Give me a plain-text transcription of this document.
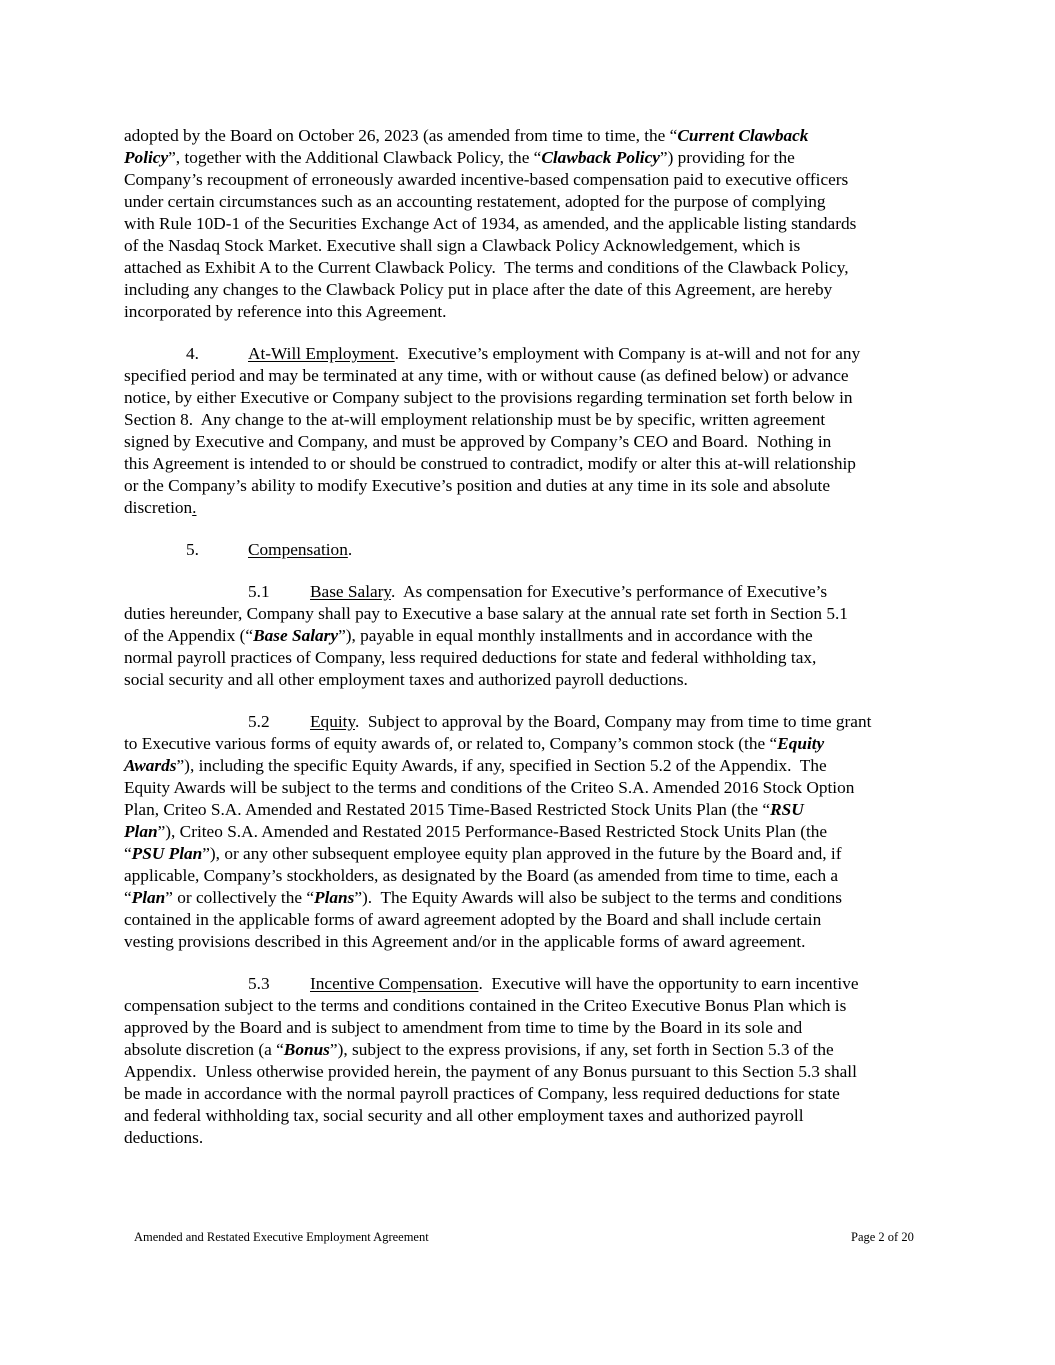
adopted by the Board on October 26, 2023 (as amended from time to time, the “Current Clawback
Policy”, together with the Additional Clawback Policy, the “Clawback Policy”) providing for the
Company’s recoupment of erroneously awarded incentive-based compensation paid to executive officers
under certain circumstances such as an accounting restatement, adopted for the purpose of complying
with Rule 10D-1 of the Securities Exchange Act of 1934, as amended, and the applicable listing standards
of the Nasdaq Stock Market. Executive shall sign a Clawback Policy Acknowledgement, which is
attached as Exhibit A to the Current Clawback Policy.  The terms and conditions of the Clawback Policy,
including any changes to the Clawback Policy put in place after the date of this Agreement, are hereby
incorporated by reference into this Agreement.
4.	At-Will Employment.  Executive’s employment with Company is at-will and not for any
specified period and may be terminated at any time, with or without cause (as defined below) or advance
notice, by either Executive or Company subject to the provisions regarding termination set forth below in
Section 8.  Any change to the at-will employment relationship must be by specific, written agreement
signed by Executive and Company, and must be approved by Company’s CEO and Board.  Nothing in
this Agreement is intended to or should be construed to contradict, modify or alter this at-will relationship
or the Company’s ability to modify Executive’s position and duties at any time in its sole and absolute
discretion.
5.	Compensation.
5.1 Base Salary.  As compensation for Executive’s performance of Executive’s
duties hereunder, Company shall pay to Executive a base salary at the annual rate set forth in Section 5.1
of the Appendix (“Base Salary”), payable in equal monthly installments and in accordance with the
normal payroll practices of Company, less required deductions for state and federal withholding tax,
social security and all other employment taxes and authorized payroll deductions.
5.2 Equity.  Subject to approval by the Board, Company may from time to time grant
to Executive various forms of equity awards of, or related to, Company’s common stock (the “Equity
Awards”), including the specific Equity Awards, if any, specified in Section 5.2 of the Appendix.  The
Equity Awards will be subject to the terms and conditions of the Criteo S.A. Amended 2016 Stock Option
Plan, Criteo S.A. Amended and Restated 2015 Time-Based Restricted Stock Units Plan (the “RSU
Plan”), Criteo S.A. Amended and Restated 2015 Performance-Based Restricted Stock Units Plan (the
“PSU Plan”), or any other subsequent employee equity plan approved in the future by the Board and, if
applicable, Company’s stockholders, as designated by the Board (as amended from time to time, each a
“Plan” or collectively the “Plans”).  The Equity Awards will also be subject to the terms and conditions
contained in the applicable forms of award agreement adopted by the Board and shall include certain
vesting provisions described in this Agreement and/or in the applicable forms of award agreement.
5.3 Incentive Compensation.  Executive will have the opportunity to earn incentive
compensation subject to the terms and conditions contained in the Criteo Executive Bonus Plan which is
approved by the Board and is subject to amendment from time to time by the Board in its sole and
absolute discretion (a “Bonus”), subject to the express provisions, if any, set forth in Section 5.3 of the
Appendix.  Unless otherwise provided herein, the payment of any Bonus pursuant to this Section 5.3 shall
be made in accordance with the normal payroll practices of Company, less required deductions for state
and federal withholding tax, social security and all other employment taxes and authorized payroll
deductions.
Amended and Restated Executive Employment Agreement	Page 2 of 20
